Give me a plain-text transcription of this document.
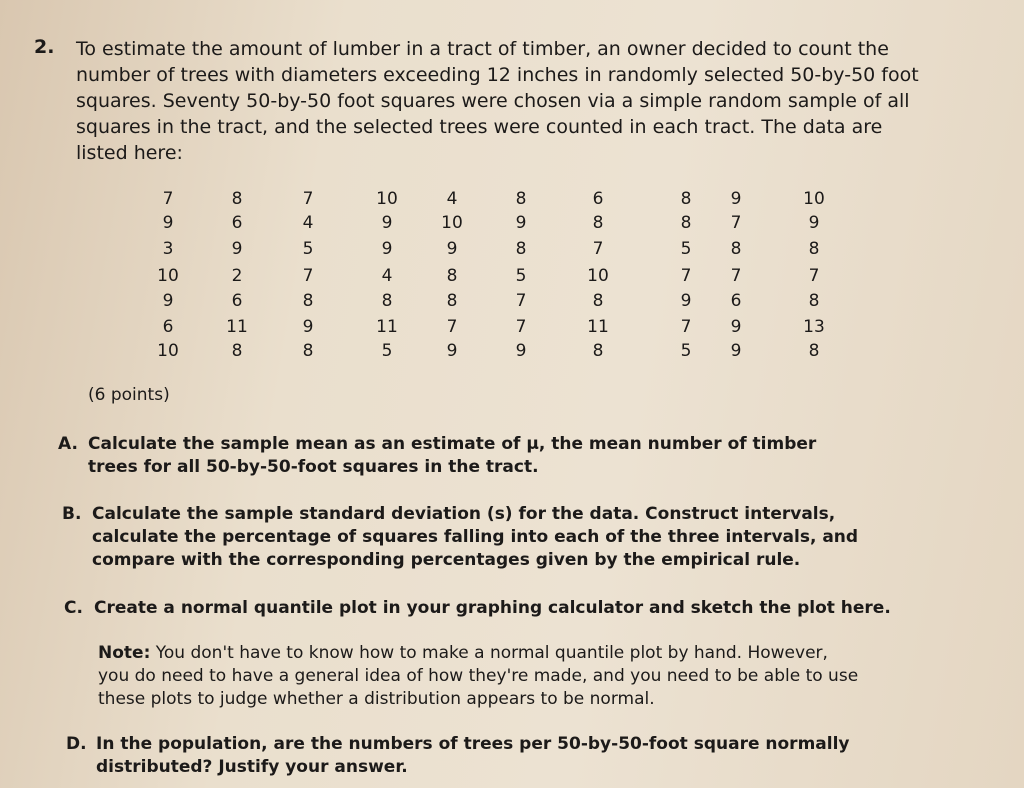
2. To estimate the amount of lumber in a tract of timber, an owner decided to count the
number of trees with diameters exceeding 12 inches in randomly selected 50-by-50 foot
squares. Seventy 50-by-50 foot squares were chosen via a simple random sample of all
squares in the tract, and the selected trees were counted in each tract. The data are
listed here:
7	8	7	10	4	8	6	8	9	10
9	6	4	9	10	9	8	8	7	9
3	9	5	9	9	8	7	5	8	8
10	2	7	4	8	5	10	7	7	7
9	6	8	8	8	7	8	9	6	8
6	11	9	11	7	7	11	7	9	13
10	8	8	5	9	9	8	5	9	8
(6 points)
A. Calculate the sample mean as an estimate of μ, the mean number of timber
trees for all 50-by-50-foot squares in the tract.
B. Calculate the sample standard deviation (s) for the data. Construct intervals,
calculate the percentage of squares falling into each of the three intervals, and
compare with the corresponding percentages given by the empirical rule.
C. Create a normal quantile plot in your graphing calculator and sketch the plot here.
Note: You don't have to know how to make a normal quantile plot by hand. However,
you do need to have a general idea of how they're made, and you need to be able to use
these plots to judge whether a distribution appears to be normal.
D. In the population, are the numbers of trees per 50-by-50-foot square normally
distributed? Justify your answer.
